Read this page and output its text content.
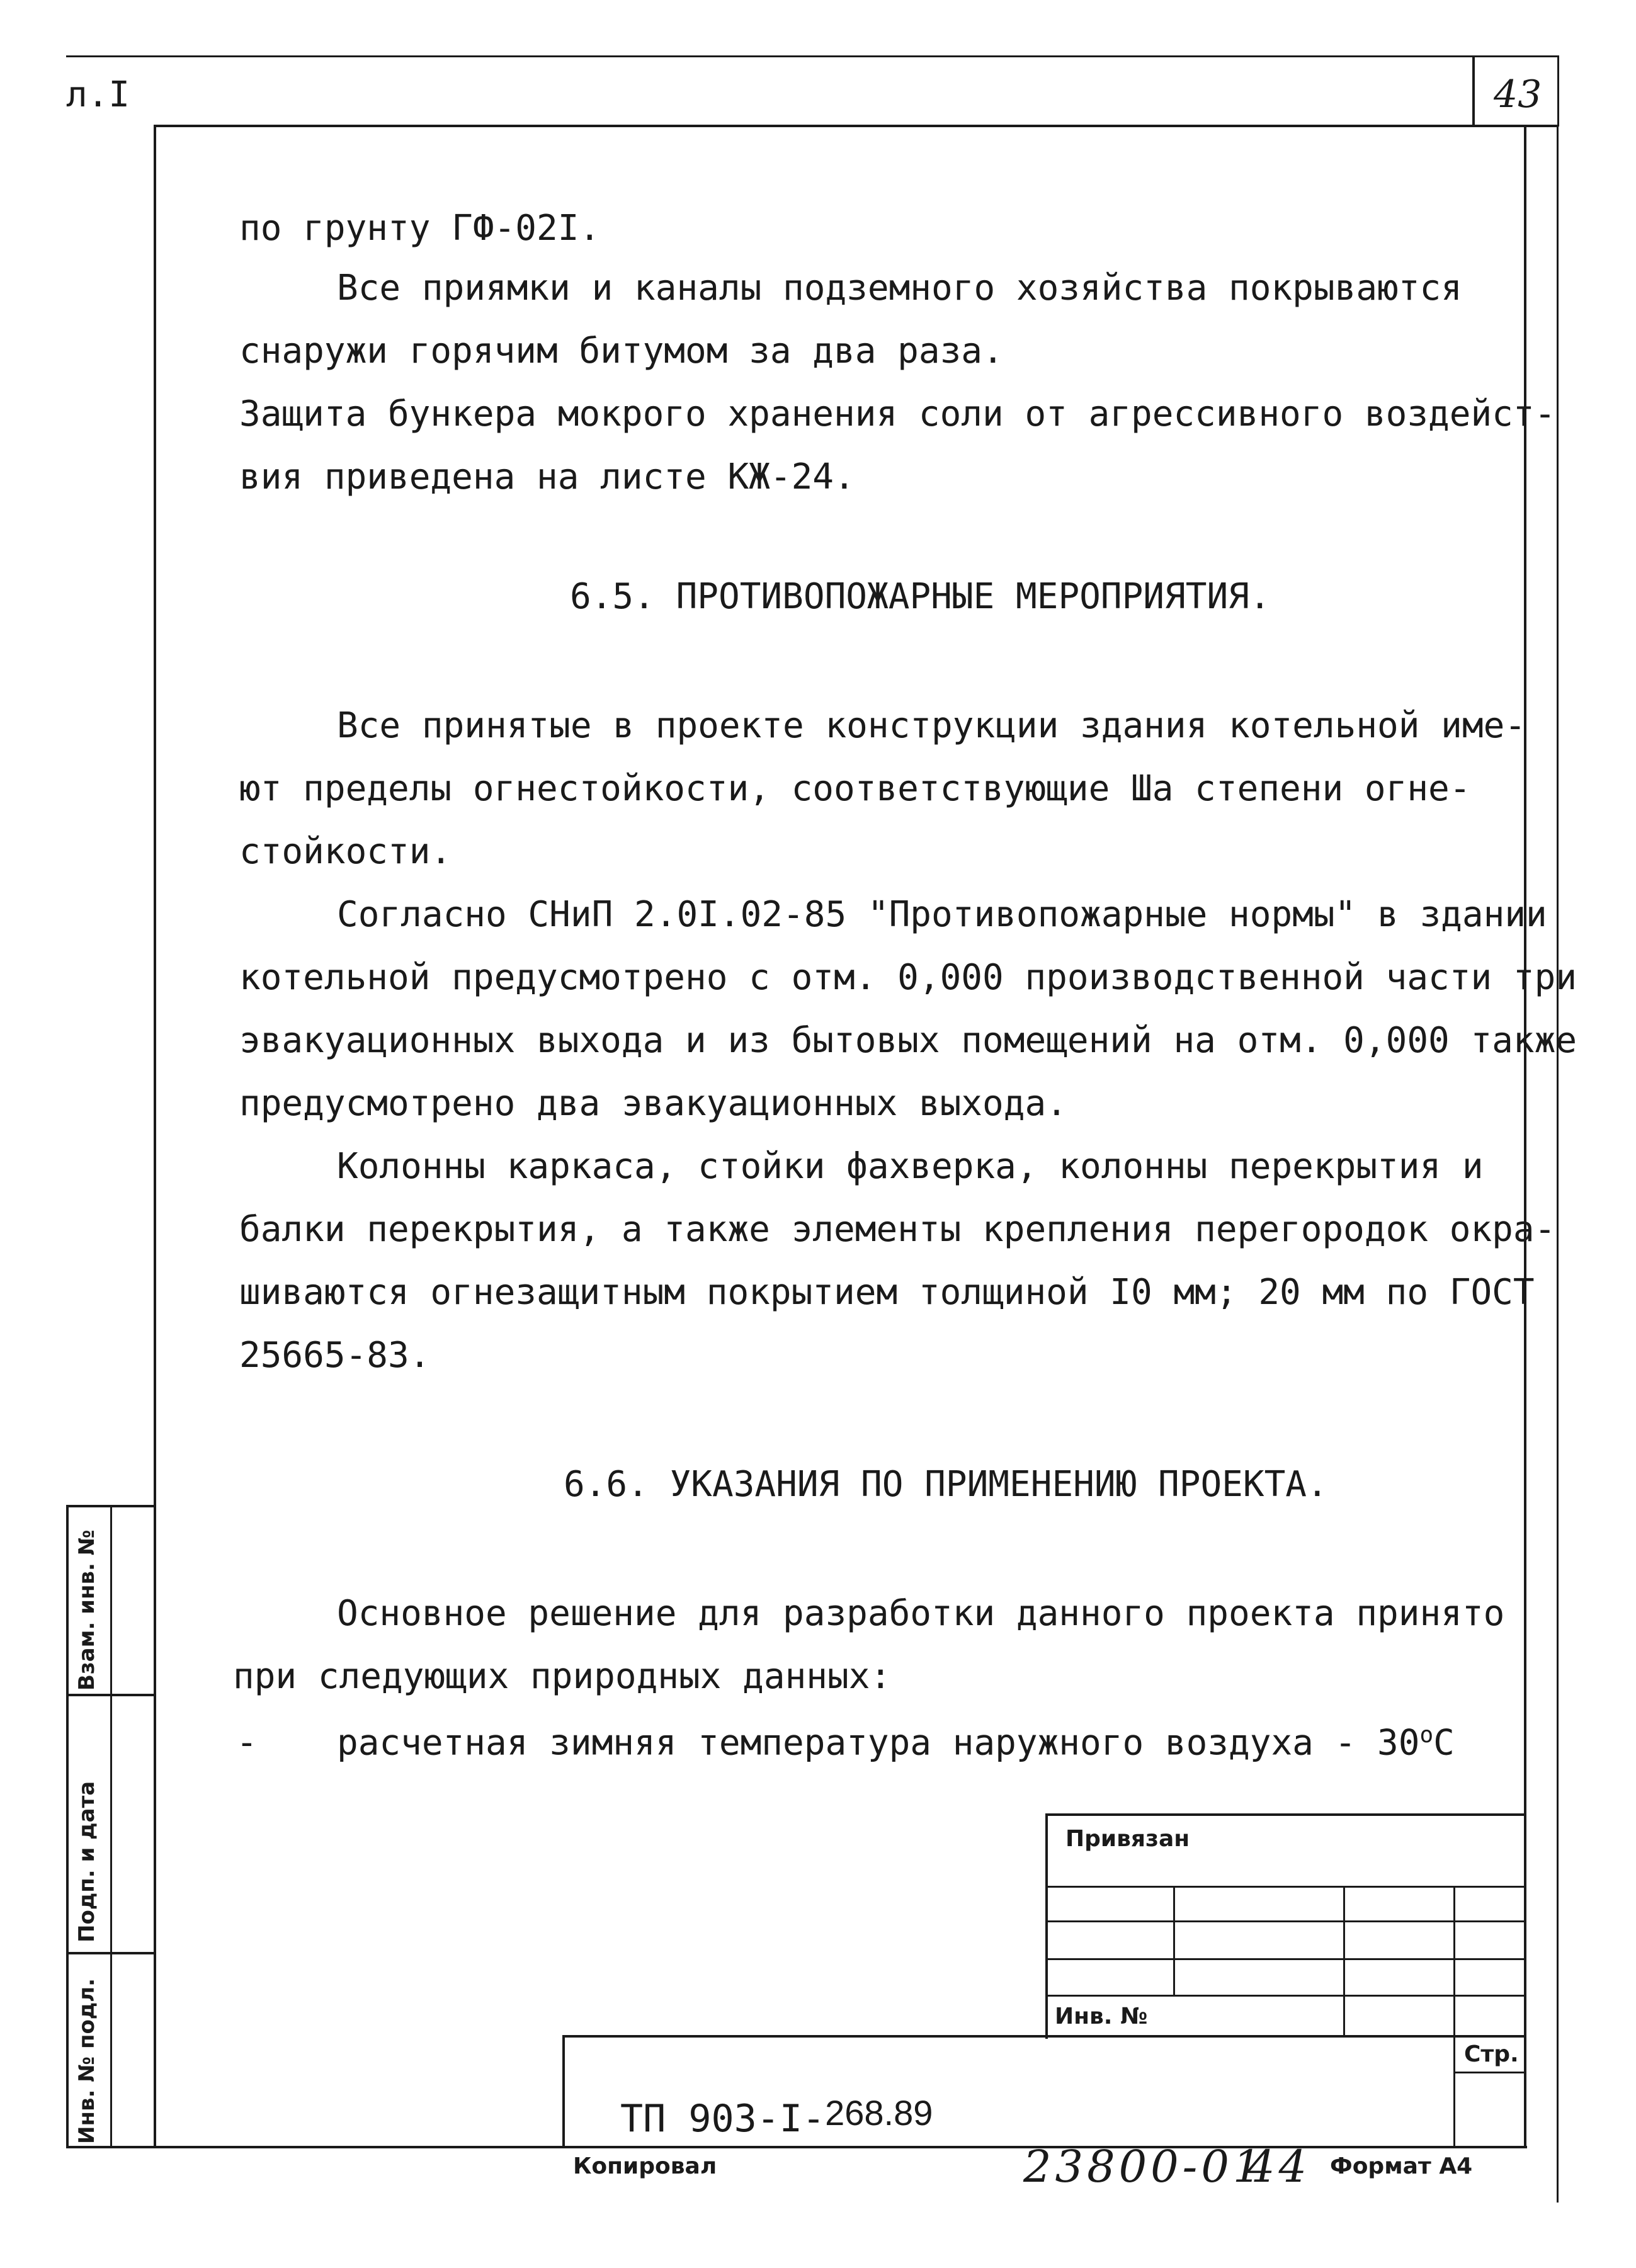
л.I	43
по грунту ГФ-02I.
Все приямки и каналы подземного хозяйства покрываются
снаружи горячим битумом за два раза.
Защита бункера мокрого хранения соли от агрессивного воздейст-
вия приведена на листе КЖ-24.
6.5. ПРОТИВОПОЖАРНЫЕ МЕРОПРИЯТИЯ.
Все принятые в проекте конструкции здания котельной име-
ют пределы огнестойкости, соответствующие Ша степени огне-
стойкости.
Согласно СНиП 2.0I.02-85 "Противопожарные нормы" в здании
котельной предусмотрено с отм. 0,000 производственной части три
эвакуационных выхода и из бытовых помещений на отм. 0,000 также
предусмотрено два эвакуационных выхода.
Колонны каркаса, стойки фахверка, колонны перекрытия и
балки перекрытия, а также элементы крепления перегородок окра-
шиваются огнезащитным покрытием толщиной I0 мм; 20 мм по ГОСТ
25665-83.
6.6. УКАЗАНИЯ ПО ПРИМЕНЕНИЮ ПРОЕКТА.
Основное решение для разработки данного проекта принято
при следующих природных данных:
- расчетная зимняя температура наружного воздуха - $30^оС$
Взам. инв. №
Подп. и дата
Инв. № подл.
Привязан
Инв. №
Стр.
ТП 903-I-268.89
Копировал	23800-01
44 Формат А4
